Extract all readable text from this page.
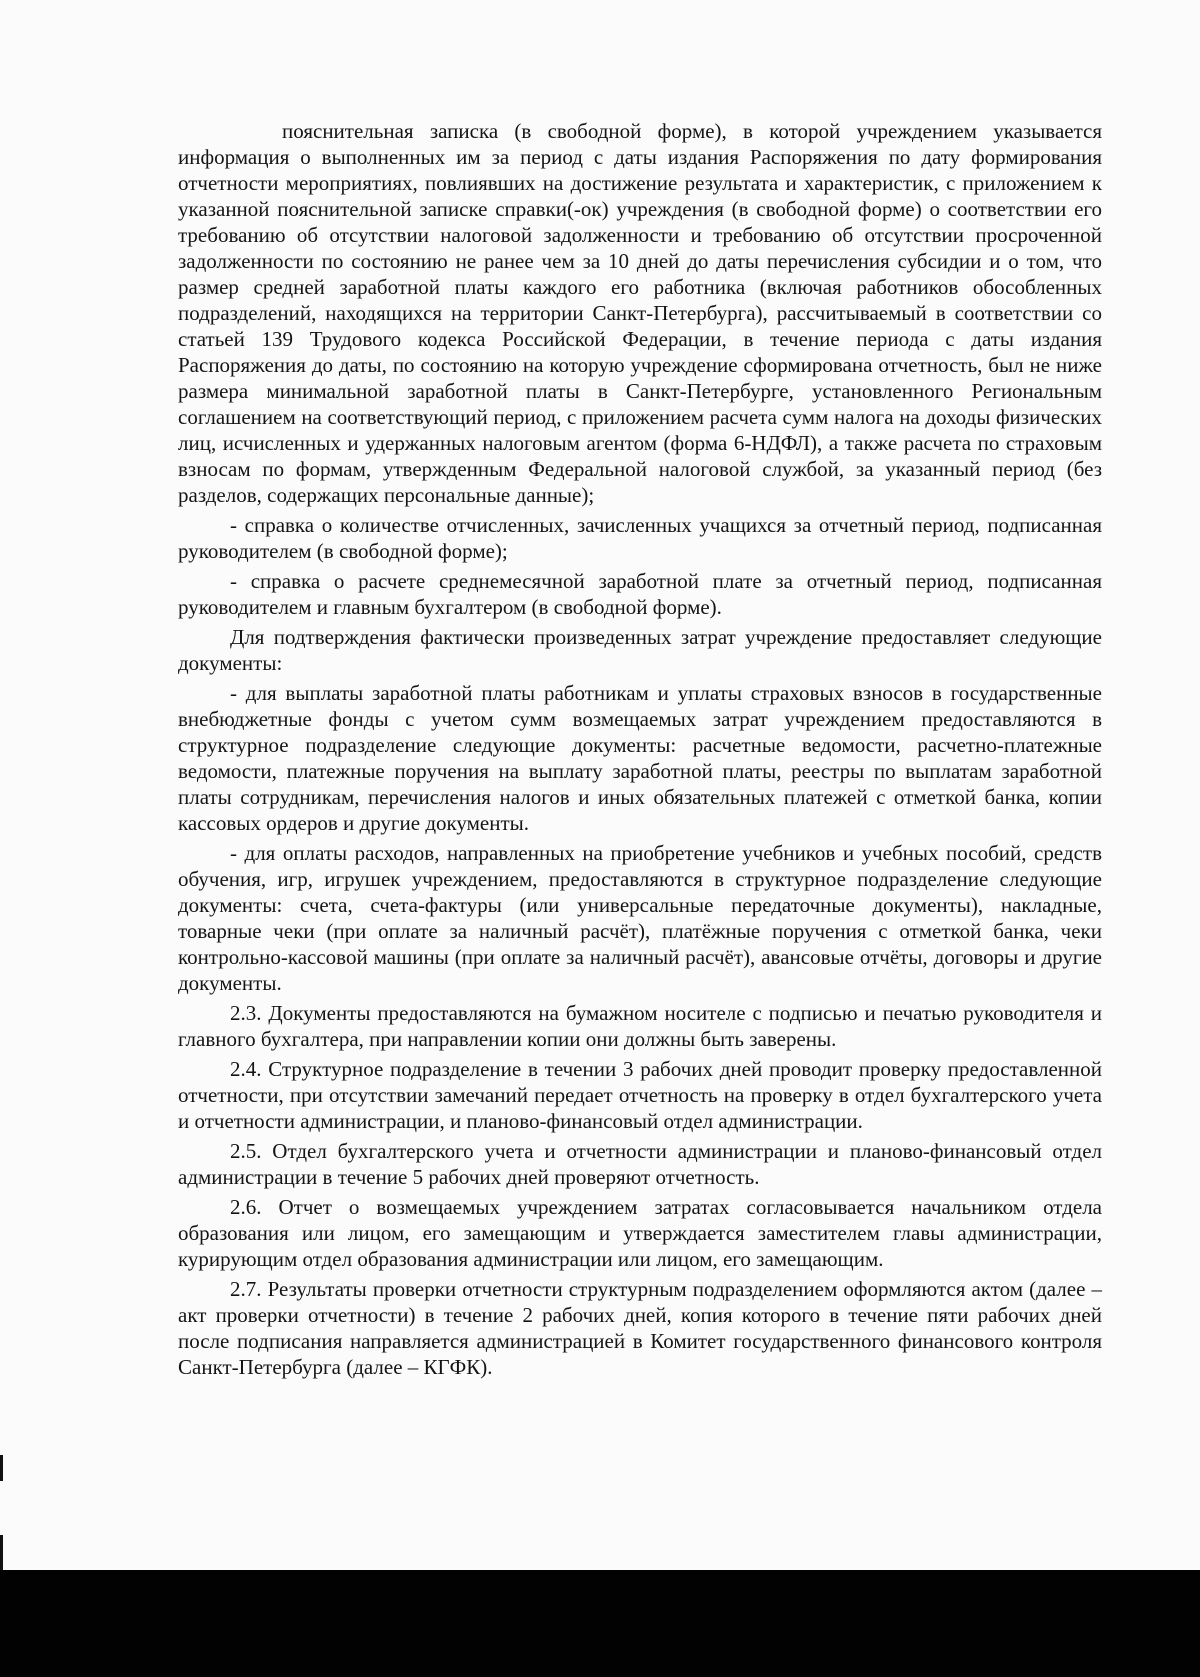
пояснительная записка (в свободной форме), в которой учреждением указывается информация о выполненных им за период с даты издания Распоряжения по дату формирования отчетности мероприятиях, повлиявших на достижение результата и характеристик, с приложением к указанной пояснительной записке справки(-ок) учреждения (в свободной форме) о соответствии его требованию об отсутствии налоговой задолженности и требованию об отсутствии просроченной задолженности по состоянию не ранее чем за 10 дней до даты перечисления субсидии и о том, что размер средней заработной платы каждого его работника (включая работников обособленных подразделений, находящихся на территории Санкт-Петербурга), рассчитываемый в соответствии со статьей 139 Трудового кодекса Российской Федерации, в течение периода с даты издания Распоряжения до даты, по состоянию на которую учреждение сформирована отчетность, был не ниже размера минимальной заработной платы в Санкт-Петербурге, установленного Региональным соглашением на соответствующий период, с приложением расчета сумм налога на доходы физических лиц, исчисленных и удержанных налоговым агентом (форма 6-НДФЛ), а также расчета по страховым взносам по формам, утвержденным Федеральной налоговой службой, за указанный период (без разделов, содержащих персональные данные);

- справка о количестве отчисленных, зачисленных учащихся за отчетный период, подписанная руководителем (в свободной форме);

- справка о расчете среднемесячной заработной плате за отчетный период, подписанная руководителем и главным бухгалтером (в свободной форме).

Для подтверждения фактически произведенных затрат учреждение предоставляет следующие документы:

- для выплаты заработной платы работникам и уплаты страховых взносов в государственные внебюджетные фонды с учетом сумм возмещаемых затрат учреждением предоставляются в структурное подразделение следующие документы: расчетные ведомости, расчетно-платежные ведомости, платежные поручения на выплату заработной платы, реестры по выплатам заработной платы сотрудникам, перечисления налогов и иных обязательных платежей с отметкой банка, копии кассовых ордеров и другие документы.

- для оплаты расходов, направленных на приобретение учебников и учебных пособий, средств обучения, игр, игрушек учреждением, предоставляются в структурное подразделение следующие документы: счета, счета-фактуры (или универсальные передаточные документы), накладные, товарные чеки (при оплате за наличный расчёт), платёжные поручения с отметкой банка, чеки контрольно-кассовой машины (при оплате за наличный расчёт), авансовые отчёты, договоры и другие документы.

2.3. Документы предоставляются на бумажном носителе с подписью и печатью руководителя и главного бухгалтера, при направлении копии они должны быть заверены.

2.4. Структурное подразделение в течении 3 рабочих дней проводит проверку предоставленной отчетности, при отсутствии замечаний передает отчетность на проверку в отдел бухгалтерского учета и отчетности администрации, и планово-финансовый отдел администрации.

2.5. Отдел бухгалтерского учета и отчетности администрации и планово-финансовый отдел администрации в течение 5 рабочих дней проверяют отчетность.

2.6. Отчет о возмещаемых учреждением затратах согласовывается начальником отдела образования или лицом, его замещающим и утверждается заместителем главы администрации, курирующим отдел образования администрации или лицом, его замещающим.

2.7. Результаты проверки отчетности структурным подразделением оформляются актом (далее – акт проверки отчетности) в течение 2 рабочих дней, копия которого в течение пяти рабочих дней после подписания направляется администрацией в Комитет государственного финансового контроля Санкт-Петербурга (далее – КГФК).
